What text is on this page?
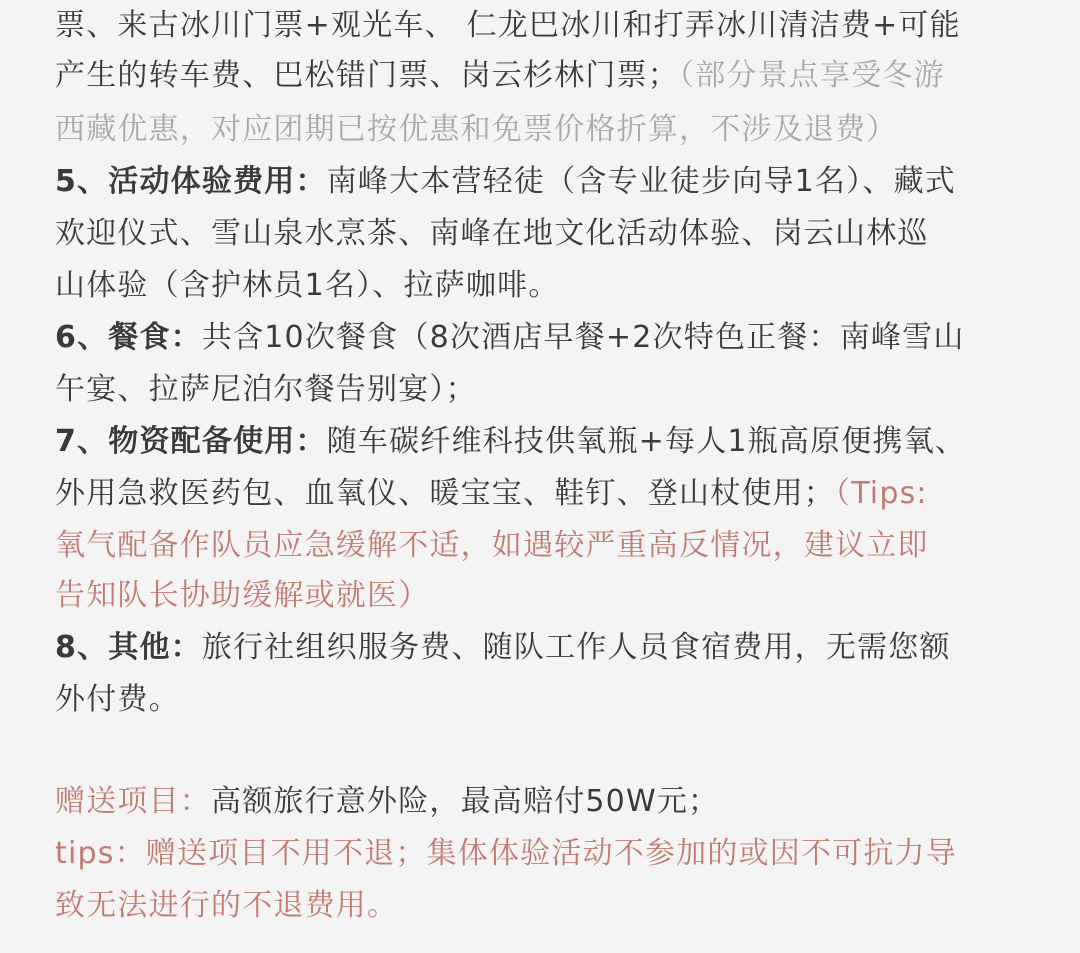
票、来古冰川门票+观光车、 仁龙巴冰川和打弄冰川清洁费+可能
产生的转车费、巴松错门票、岗云杉林门票；（部分景点享受冬游
西藏优惠，对应团期已按优惠和免票价格折算，不涉及退费）
5、活动体验费用：南峰大本营轻徒（含专业徒步向导1名）、藏式
欢迎仪式、雪山泉水烹茶、南峰在地文化活动体验、岗云山林巡
山体验（含护林员1名）、拉萨咖啡。
6、餐食：共含10次餐食（8次酒店早餐+2次特色正餐：南峰雪山
午宴、拉萨尼泊尔餐告别宴）；
7、物资配备使用：随车碳纤维科技供氧瓶+每人1瓶高原便携氧、
外用急救医药包、血氧仪、暖宝宝、鞋钉、登山杖使用；（Tips:
氧气配备作队员应急缓解不适，如遇较严重高反情况，建议立即
告知队长协助缓解或就医）
8、其他：旅行社组织服务费、随队工作人员食宿费用，无需您额
外付费。
赠送项目：高额旅行意外险，最高赔付50W元；
tips：赠送项目不用不退；集体体验活动不参加的或因不可抗力导
致无法进行的不退费用。
